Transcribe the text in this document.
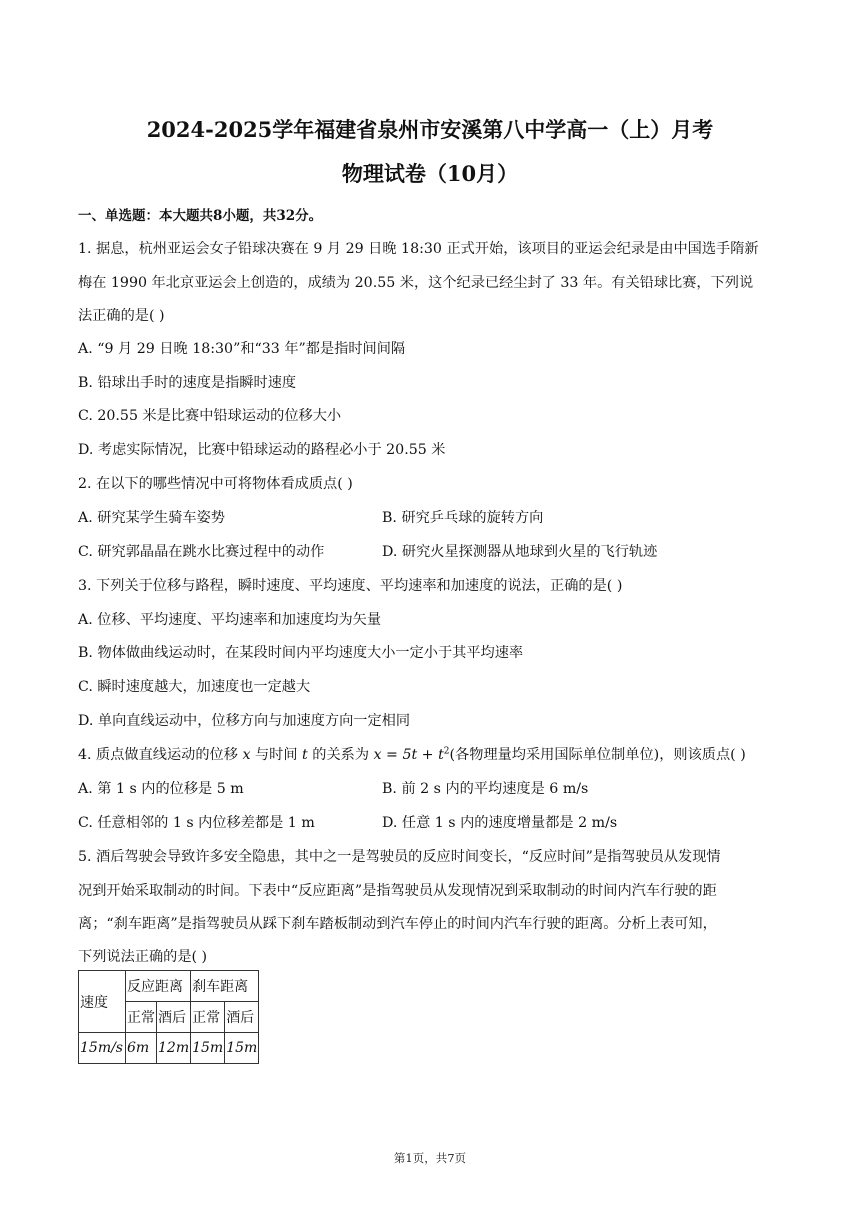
2024-2025学年福建省泉州市安溪第八中学高一（上）月考
物理试卷（10月）
一、单选题：本大题共8小题，共32分。
1. 据息，杭州亚运会女子铅球决赛在 9 月 29 日晚 18:30 正式开始，该项目的亚运会纪录是由中国选手隋新
梅在 1990 年北京亚运会上创造的，成绩为 20.55 米，这个纪录已经尘封了 33 年。有关铅球比赛，下列说
法正确的是( )
A. “9 月 29 日晚 18:30”和“33 年”都是指时间间隔
B. 铅球出手时的速度是指瞬时速度
C. 20.55 米是比赛中铅球运动的位移大小
D. 考虑实际情况，比赛中铅球运动的路程必小于 20.55 米
2. 在以下的哪些情况中可将物体看成质点( )
A. 研究某学生骑车姿势	B. 研究乒乓球的旋转方向
C. 研究郭晶晶在跳水比赛过程中的动作	D. 研究火星探测器从地球到火星的飞行轨迹
3. 下列关于位移与路程，瞬时速度、平均速度、平均速率和加速度的说法，正确的是( )
A. 位移、平均速度、平均速率和加速度均为矢量
B. 物体做曲线运动时，在某段时间内平均速度大小一定小于其平均速率
C. 瞬时速度越大，加速度也一定越大
D. 单向直线运动中，位移方向与加速度方向一定相同
4. 质点做直线运动的位移 x 与时间 t 的关系为 $x = 5t + t^2$(各物理量均采用国际单位制单位)，则该质点( )
A. 第 1 s 内的位移是 5 m	B. 前 2 s 内的平均速度是 6 m/s
C. 任意相邻的 1 s 内位移差都是 1 m	D. 任意 1 s 内的速度增量都是 2 m/s
5. 酒后驾驶会导致许多安全隐患，其中之一是驾驶员的反应时间变长，“反应时间”是指驾驶员从发现情
况到开始采取制动的时间。下表中“反应距离”是指驾驶员从发现情况到采取制动的时间内汽车行驶的距
离；“刹车距离”是指驾驶员从踩下刹车踏板制动到汽车停止的时间内汽车行驶的距离。分析上表可知，
下列说法正确的是( )
速度	反应距离		刹车距离	
	正常	酒后	正常	酒后
15m/s	6m	12m	15m	15m
第1页，共7页
